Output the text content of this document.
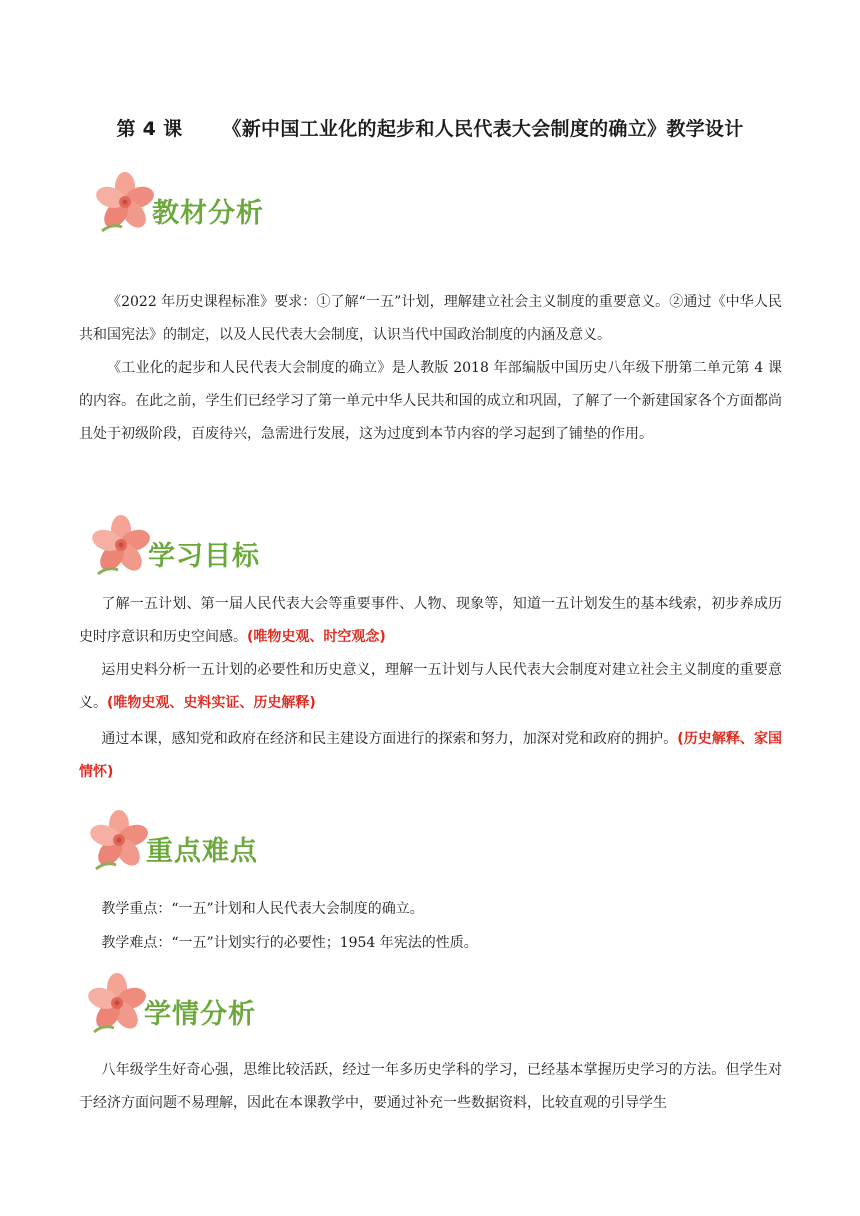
第 4 课 《新中国工业化的起步和人民代表大会制度的确立》教学设计
教材分析
《2022 年历史课程标准》要求：①了解“一五”计划，理解建立社会主义制度的重要意义。②通过《中华人民共和国宪法》的制定，以及人民代表大会制度，认识当代中国政治制度的内涵及意义。
《工业化的起步和人民代表大会制度的确立》是人教版 2018 年部编版中国历史八年级下册第二单元第 4 课的内容。在此之前，学生们已经学习了第一单元中华人民共和国的成立和巩固，了解了一个新建国家各个方面都尚且处于初级阶段，百废待兴，急需进行发展，这为过度到本节内容的学习起到了铺垫的作用。
学习目标
了解一五计划、第一届人民代表大会等重要事件、人物、现象等，知道一五计划发生的基本线索，初步养成历史时序意识和历史空间感。(唯物史观、时空观念)
运用史料分析一五计划的必要性和历史意义，理解一五计划与人民代表大会制度对建立社会主义制度的重要意义。(唯物史观、史料实证、历史解释)
通过本课，感知党和政府在经济和民主建设方面进行的探索和努力，加深对党和政府的拥护。(历史解释、家国情怀)
重点难点
教学重点：“一五”计划和人民代表大会制度的确立。
教学难点：“一五”计划实行的必要性；1954 年宪法的性质。
学情分析
八年级学生好奇心强，思维比较活跃，经过一年多历史学科的学习，已经基本掌握历史学习的方法。但学生对于经济方面问题不易理解，因此在本课教学中，要通过补充一些数据资料，比较直观的引导学生
